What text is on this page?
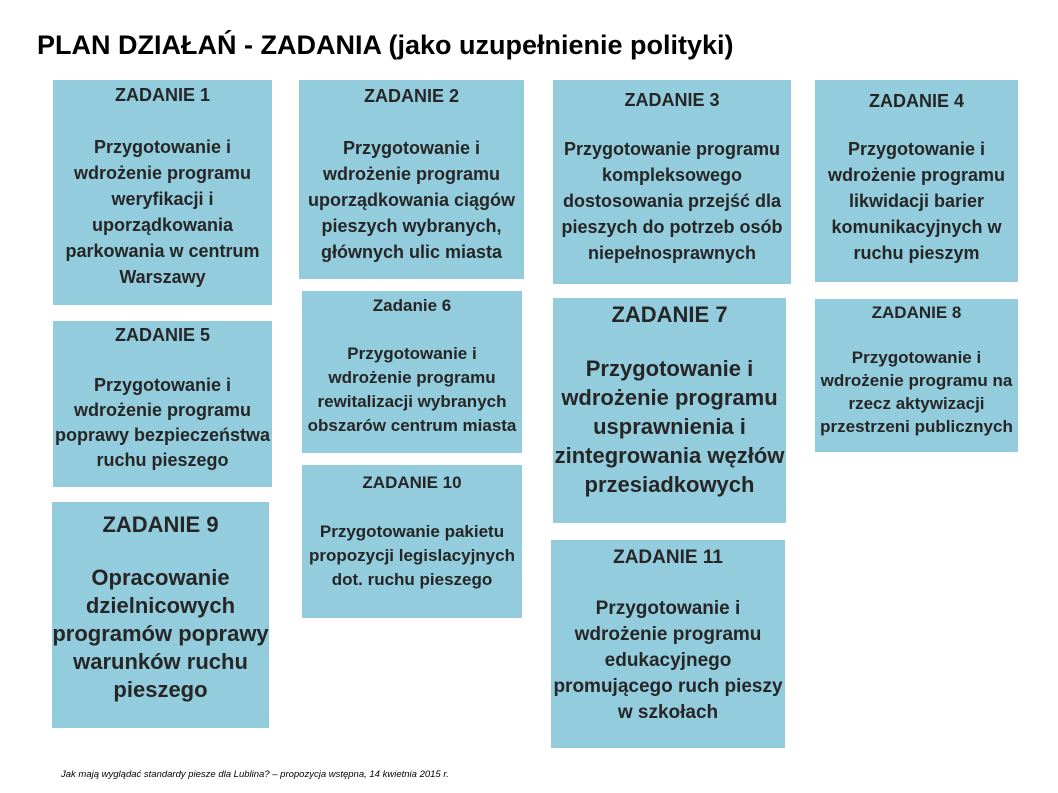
PLAN DZIAŁAŃ - ZADANIA (jako uzupełnienie polityki)
ZADANIE 1
Przygotowanie i
wdrożenie programu
weryfikacji i
uporządkowania
parkowania w centrum
Warszawy
ZADANIE 2
Przygotowanie i
wdrożenie programu
uporządkowania ciągów
pieszych wybranych,
głównych ulic miasta
ZADANIE 3
Przygotowanie programu
kompleksowego
dostosowania przejść dla
pieszych do potrzeb osób
niepełnosprawnych
ZADANIE 4
Przygotowanie i
wdrożenie programu
likwidacji barier
komunikacyjnych w
ruchu pieszym
ZADANIE 5
Przygotowanie i
wdrożenie programu
poprawy bezpieczeństwa
ruchu pieszego
Zadanie 6
Przygotowanie i
wdrożenie programu
rewitalizacji wybranych
obszarów centrum miasta
ZADANIE 7
Przygotowanie i
wdrożenie programu
usprawnienia i
zintegrowania węzłów
przesiadkowych
ZADANIE 8
Przygotowanie i
wdrożenie programu na
rzecz aktywizacji
przestrzeni publicznych
ZADANIE 9
Opracowanie
dzielnicowych
programów poprawy
warunków ruchu
pieszego
ZADANIE 10
Przygotowanie pakietu
propozycji legislacyjnych
dot. ruchu pieszego
ZADANIE 11
Przygotowanie i
wdrożenie programu
edukacyjnego
promującego ruch pieszy
w szkołach
Jak mają wyglądać standardy piesze dla Lublina? – propozycja wstępna, 14 kwietnia 2015 r.
